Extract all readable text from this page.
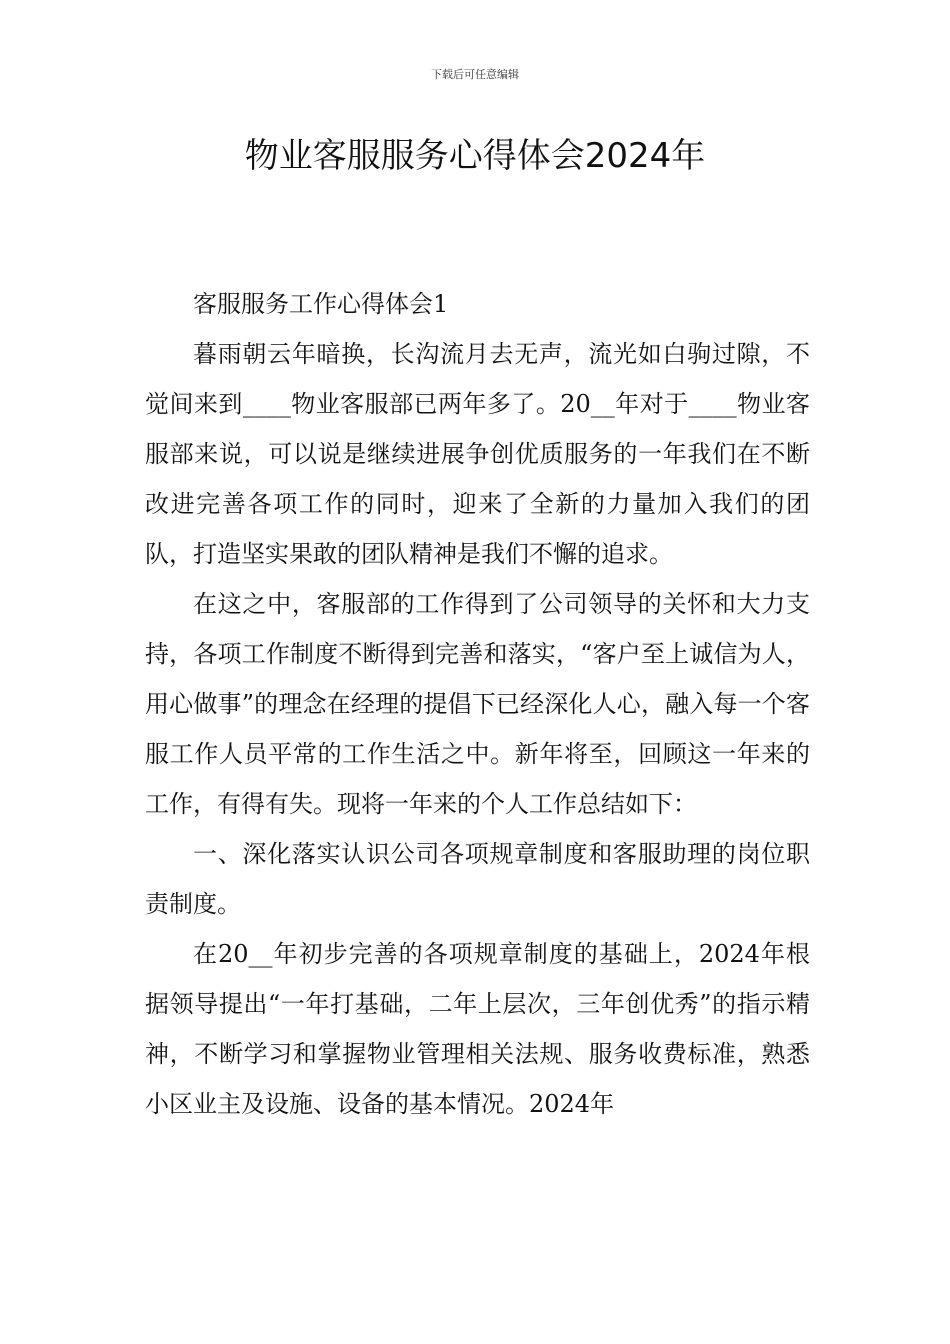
下载后可任意编辑
物业客服服务心得体会2024年

客服服务工作心得体会1

暮雨朝云年暗换，长沟流月去无声，流光如白驹过隙，不觉间来到____物业客服部已两年多了。20__年对于____物业客服部来说，可以说是继续进展争创优质服务的一年我们在不断改进完善各项工作的同时，迎来了全新的力量加入我们的团队，打造坚实果敢的团队精神是我们不懈的追求。

在这之中，客服部的工作得到了公司领导的关怀和大力支持，各项工作制度不断得到完善和落实，“客户至上诚信为人，用心做事”的理念在经理的提倡下已经深化人心，融入每一个客服工作人员平常的工作生活之中。新年将至，回顾这一年来的工作，有得有失。现将一年来的个人工作总结如下：

一、深化落实认识公司各项规章制度和客服助理的岗位职责制度。

在20__年初步完善的各项规章制度的基础上，2024年根据领导提出“一年打基础，二年上层次，三年创优秀”的指示精神，不断学习和掌握物业管理相关法规、服务收费标准，熟悉小区业主及设施、设备的基本情况。2024年
